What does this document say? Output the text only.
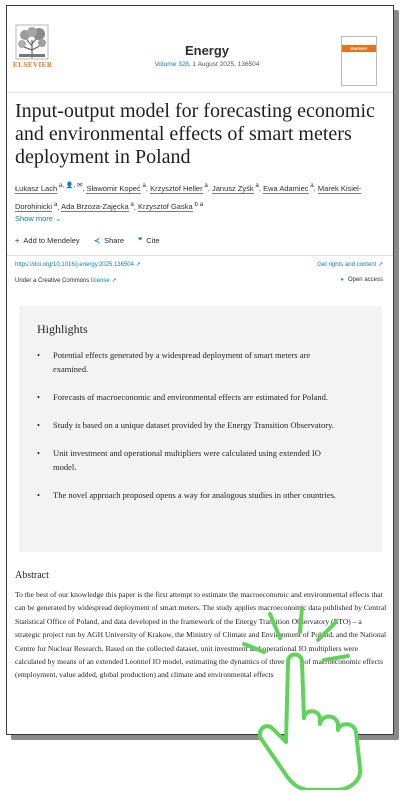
ELSEVIER
Energy
Volume 328, 1 August 2025, 136504
ENERGY
Input-output model for forecasting economic and environmental effects of smart meters deployment in Poland
Łukasz Lach $^{a, 👤, ✉}$, Sławomir Kopeć $^a$, Krzysztof Heller $^a$, Janusz Zyśk $^a$, Ewa Adamiec $^a$, Marek Kisiel-Dorohinicki $^a$, Ada Brzoza-Zajęcka $^a$, Krzysztof Gaska $^{b a}$
Show more ⌄
+ Add to Mendeley ≺ Share ❞ Cite
https://doi.org/10.1016/j.energy.2025.136504 ↗	Get rights and content ↗
Under a Creative Commons license ↗	● Open access
Highlights
• Potential effects generated by a widespread deployment of smart meters are examined.
• Forecasts of macroeconomic and environmental effects are estimated for Poland.
• Study is based on a unique dataset provided by the Energy Transition Observatory.
• Unit investment and operational multipliers were calculated using extended IO model.
• The novel approach proposed opens a way for analogous studies in other countries.
Abstract

To the best of our knowledge this paper is the first attempt to estimate the macroeconomic and environmental effects that can be generated by widespread deployment of smart meters. The study applies macroeconomic data published by Central Statistical Office of Poland, and data developed in the framework of the Energy Transition Observatory (ETO) – a strategic project run by AGH University of Krakow, the Ministry of Climate and Environment of Poland, and the National Centre for Nuclear Research. Based on the collected dataset, unit investment and operational IO multipliers were calculated by means of an extended Leontief IO model, estimating the dynamics of three types of macroeconomic effects (employment, value added, global production) and climate and environmental effects
